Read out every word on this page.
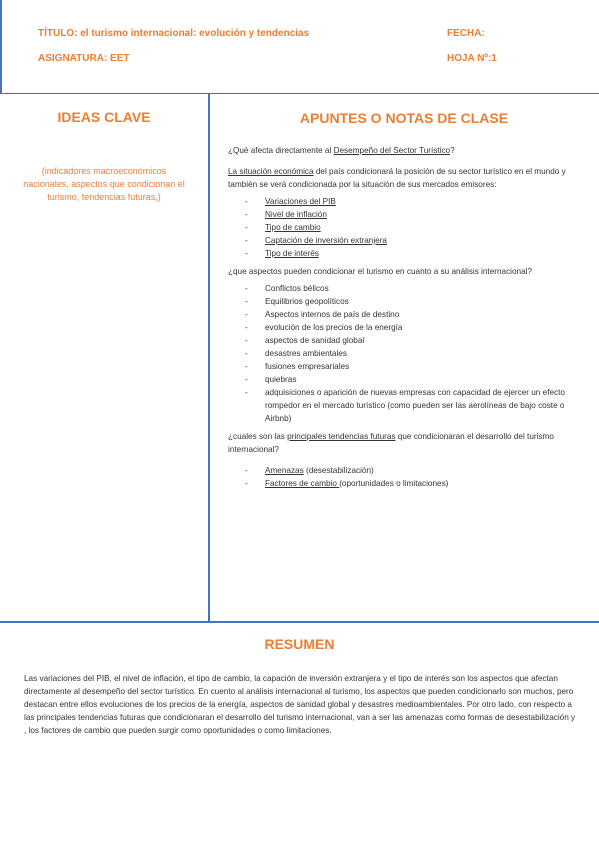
TÍTULO: el turismo internacional: evolución y tendencias	FECHA:
ASIGNATURA: EET	HOJA Nº:1
IDEAS CLAVE
(indicadores macroeconómicos nacionales, aspectos que condicionan el turismo, tendencias futuras,)
APUNTES O NOTAS DE CLASE

¿Qué afecta directamente al Desempeño del Sector Turístico?

La situación económica del país condicionará la posición de su sector turístico en el mundo y también se verá condicionada por la situación de sus mercados emisores:

- Variaciones del PIB
- Nivel de inflación
- Tipo de cambio
- Captación de inversión extranjera
- Tipo de interés

¿que aspectos pueden condicionar el turismo en cuanto a su análisis internacional?

- Conflictos bélicos
- Equilibrios geopolíticos
- Aspectos internos de país de destino
- evolución de los precios de la energía
- aspectos de sanidad global
- desastres ambientales
- fusiones empresariales
- quiebras
- adquisiciones o aparición de nuevas empresas con capacidad de ejercer un efecto rompedor en el mercado turístico (como pueden ser las aerolíneas de bajo coste o Airbnb)

¿cuales son las principales tendencias futuras que condicionaran el desarrollo del turismo internacional?

- Amenazas (desestabilización)
- Factores de cambio (oportunidades o limitaciones)
RESUMEN
Las variaciones del PIB, el nivel de inflación, el tipo de cambio, la capación de inversión extranjera y el tipo de interés son los aspectos que afectan directamente al desempeño del sector turístico. En cuento al análisis internacional al turismo, los aspectos que pueden condicionarlo son muchos, pero destacan entre ellos evoluciones de los precios de la energía, aspectos de sanidad global y desastres medioambientales. Por otro lado, con respecto a las principales tendencias futuras que condicionaran el desarrollo del turismo internacional, van a ser las amenazas como formas de desestabilización y , los factores de cambio que pueden surgir como oportunidades o como limitaciones.
